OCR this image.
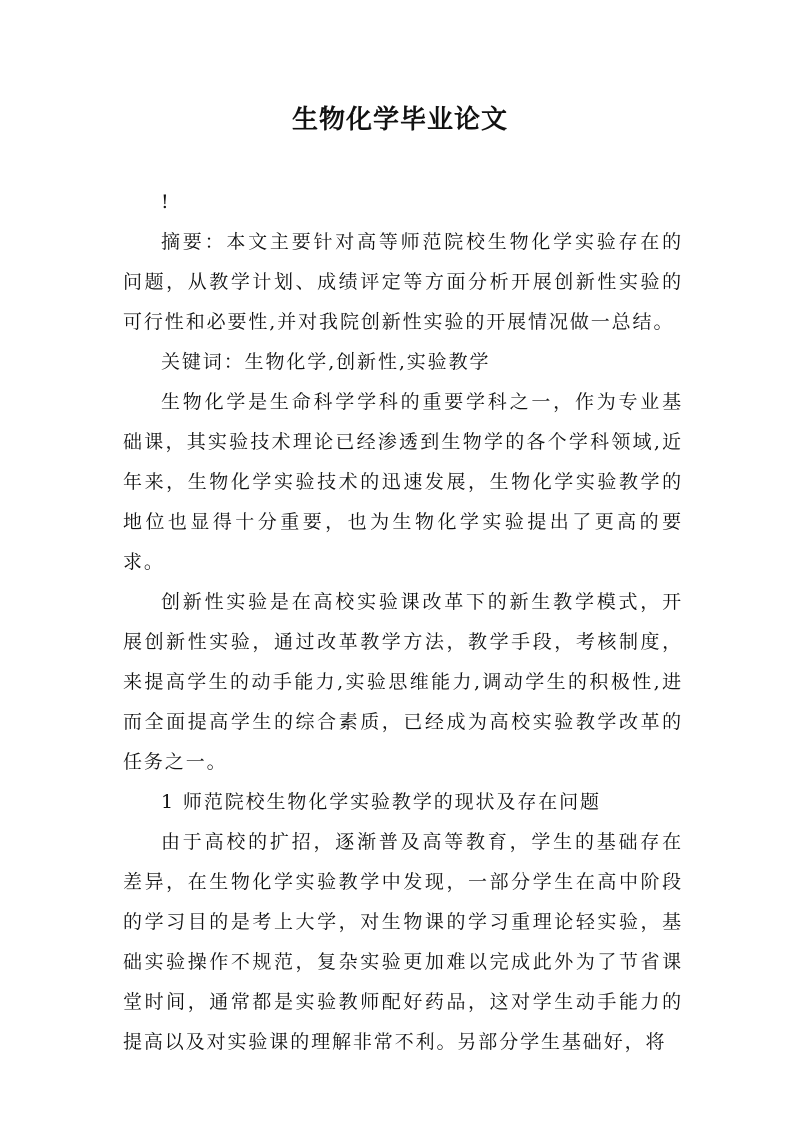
生物化学毕业论文

!

摘要：本文主要针对高等师范院校生物化学实验存在的问题，从教学计划、成绩评定等方面分析开展创新性实验的可行性和必要性,并对我院创新性实验的开展情况做一总结。

关键词：生物化学,创新性,实验教学

生物化学是生命科学学科的重要学科之一，作为专业基础课，其实验技术理论已经渗透到生物学的各个学科领域,近年来，生物化学实验技术的迅速发展，生物化学实验教学的地位也显得十分重要，也为生物化学实验提出了更高的要求。

创新性实验是在高校实验课改革下的新生教学模式，开展创新性实验，通过改革教学方法，教学手段，考核制度，来提高学生的动手能力,实验思维能力,调动学生的积极性,进而全面提高学生的综合素质，已经成为高校实验教学改革的任务之一。

1 师范院校生物化学实验教学的现状及存在问题

由于高校的扩招，逐渐普及高等教育，学生的基础存在差异，在生物化学实验教学中发现，一部分学生在高中阶段的学习目的是考上大学，对生物课的学习重理论轻实验，基础实验操作不规范，复杂实验更加难以完成此外为了节省课堂时间，通常都是实验教师配好药品，这对学生动手能力的提高以及对实验课的理解非常不利。另部分学生基础好，将
